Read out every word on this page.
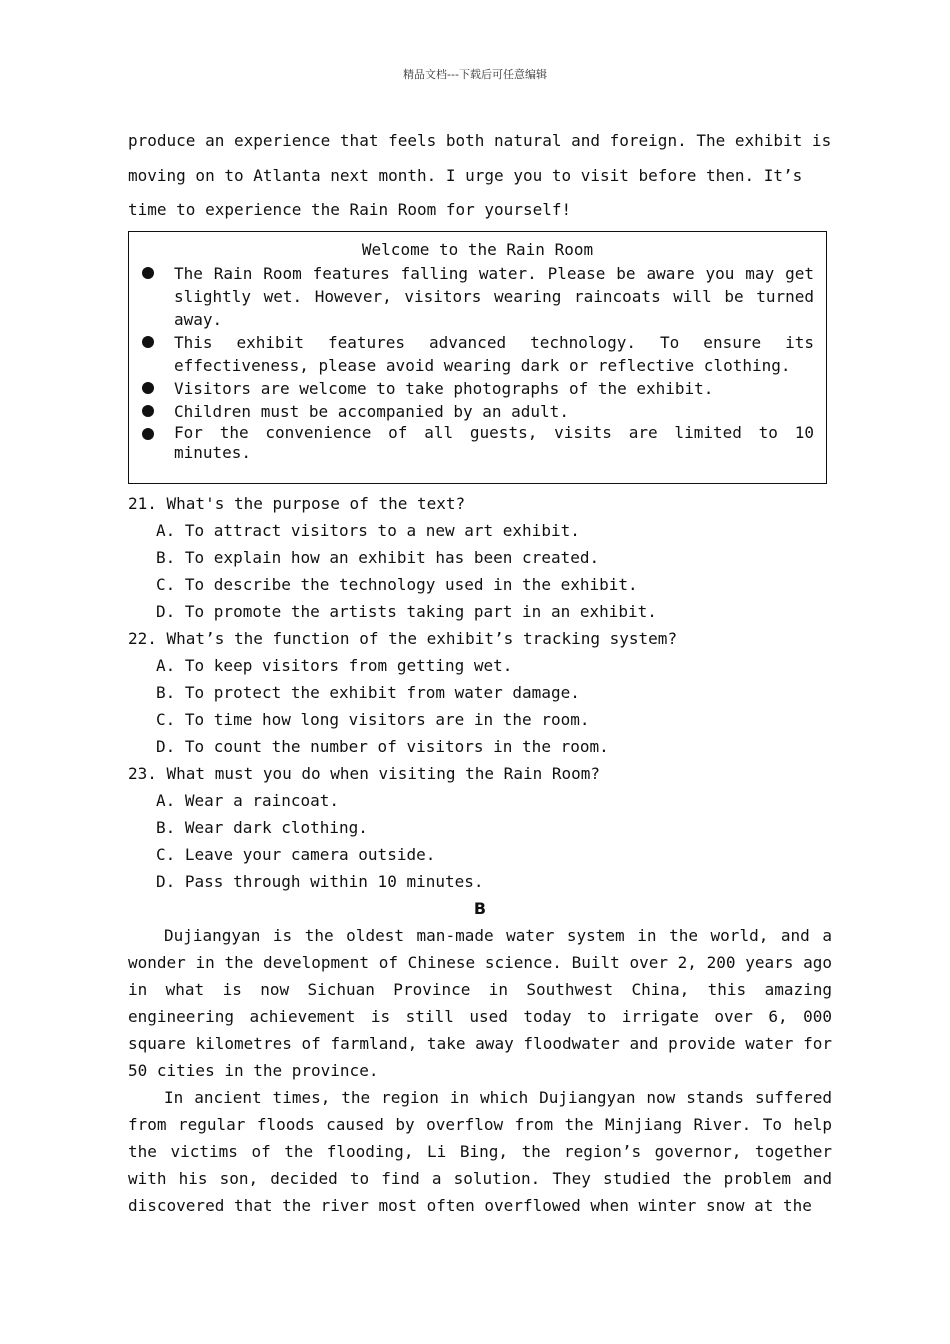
精品文档---下载后可任意编辑

produce an experience that feels both natural and foreign. The exhibit is

moving on to Atlanta next month. I urge you to visit before then. It’s

time to experience the Rain Room for yourself!

Welcome to the Rain Room
The Rain Room features falling water. Please be aware you may get slightly wet. However, visitors wearing raincoats will be turned away.
This exhibit features advanced technology. To ensure its effectiveness, please avoid wearing dark or reflective clothing.
Visitors are welcome to take photographs of the exhibit.
Children must be accompanied by an adult.
For the convenience of all guests, visits are limited to 10 minutes.

21. What's the purpose of the text?

A. To attract visitors to a new art exhibit.

B. To explain how an exhibit has been created.

C. To describe the technology used in the exhibit.

D. To promote the artists taking part in an exhibit.

22. What’s the function of the exhibit’s tracking system?

A. To keep visitors from getting wet.

B. To protect the exhibit from water damage.

C. To time how long visitors are in the room.

D. To count the number of visitors in the room.

23. What must you do when visiting the Rain Room?

A. Wear a raincoat.

B. Wear dark clothing.

C. Leave your camera outside.

D. Pass through within 10 minutes.

B

Dujiangyan is the oldest man-made water system in the world, and a wonder in the development of Chinese science. Built over 2, 200 years ago in what is now Sichuan Province in Southwest China, this amazing engineering achievement is still used today to irrigate over 6, 000 square kilometres of farmland, take away floodwater and provide water for 50 cities in the province.

In ancient times, the region in which Dujiangyan now stands suffered from regular floods caused by overflow from the Minjiang River. To help the victims of the flooding, Li Bing, the region’s governor, together with his son, decided to find a solution. They studied the problem and discovered that the river most often overflowed when winter snow at the
